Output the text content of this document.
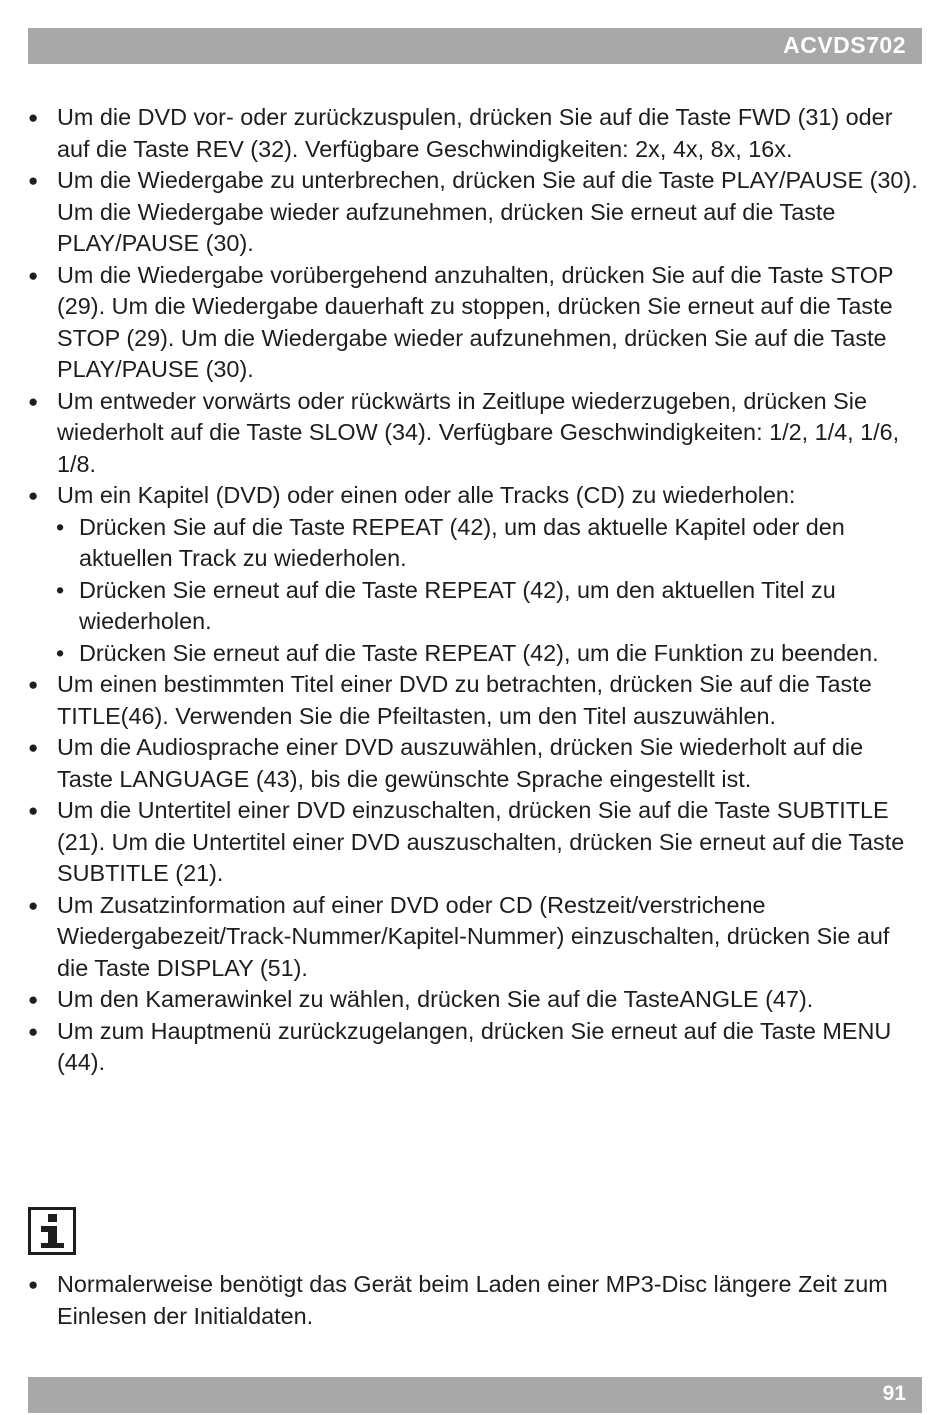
ACVDS702
● Um die DVD vor- oder zurückzuspulen, drücken Sie auf die Taste FWD (31) oder auf die Taste REV (32). Verfügbare Geschwindigkeiten: 2x, 4x, 8x, 16x.
● Um die Wiedergabe zu unterbrechen, drücken Sie auf die Taste PLAY/PAUSE (30). Um die Wiedergabe wieder aufzunehmen, drücken Sie erneut auf die Taste PLAY/PAUSE (30).
● Um die Wiedergabe vorübergehend anzuhalten, drücken Sie auf die Taste STOP (29). Um die Wiedergabe dauerhaft zu stoppen, drücken Sie erneut auf die Taste STOP (29). Um die Wiedergabe wieder aufzunehmen, drücken Sie auf die Taste PLAY/PAUSE (30).
● Um entweder vorwärts oder rückwärts in Zeitlupe wiederzugeben, drücken Sie wiederholt auf die Taste SLOW (34). Verfügbare Geschwindigkeiten: 1/2, 1/4, 1/6, 1/8.
● Um ein Kapitel (DVD) oder einen oder alle Tracks (CD) zu wiederholen:
• Drücken Sie auf die Taste REPEAT (42), um das aktuelle Kapitel oder den aktuellen Track zu wiederholen.
• Drücken Sie erneut auf die Taste REPEAT (42), um den aktuellen Titel zu wiederholen.
• Drücken Sie erneut auf die Taste REPEAT (42), um die Funktion zu beenden.
● Um einen bestimmten Titel einer DVD zu betrachten, drücken Sie auf die Taste TITLE(46). Verwenden Sie die Pfeiltasten, um den Titel auszuwählen.
● Um die Audiosprache einer DVD auszuwählen, drücken Sie wiederholt auf die Taste LANGUAGE (43), bis die gewünschte Sprache eingestellt ist.
● Um die Untertitel einer DVD einzuschalten, drücken Sie auf die Taste SUBTITLE (21). Um die Untertitel einer DVD auszuschalten, drücken Sie erneut auf die Taste SUBTITLE (21).
● Um Zusatzinformation auf einer DVD oder CD (Restzeit/verstrichene Wiedergabezeit/Track-Nummer/Kapitel-Nummer) einzuschalten, drücken Sie auf die Taste DISPLAY (51).
● Um den Kamerawinkel zu wählen, drücken Sie auf die TasteANGLE (47).
● Um zum Hauptmenü zurückzugelangen, drücken Sie erneut auf die Taste MENU (44).
● Normalerweise benötigt das Gerät beim Laden einer MP3-Disc längere Zeit zum Einlesen der Initialdaten.
91
